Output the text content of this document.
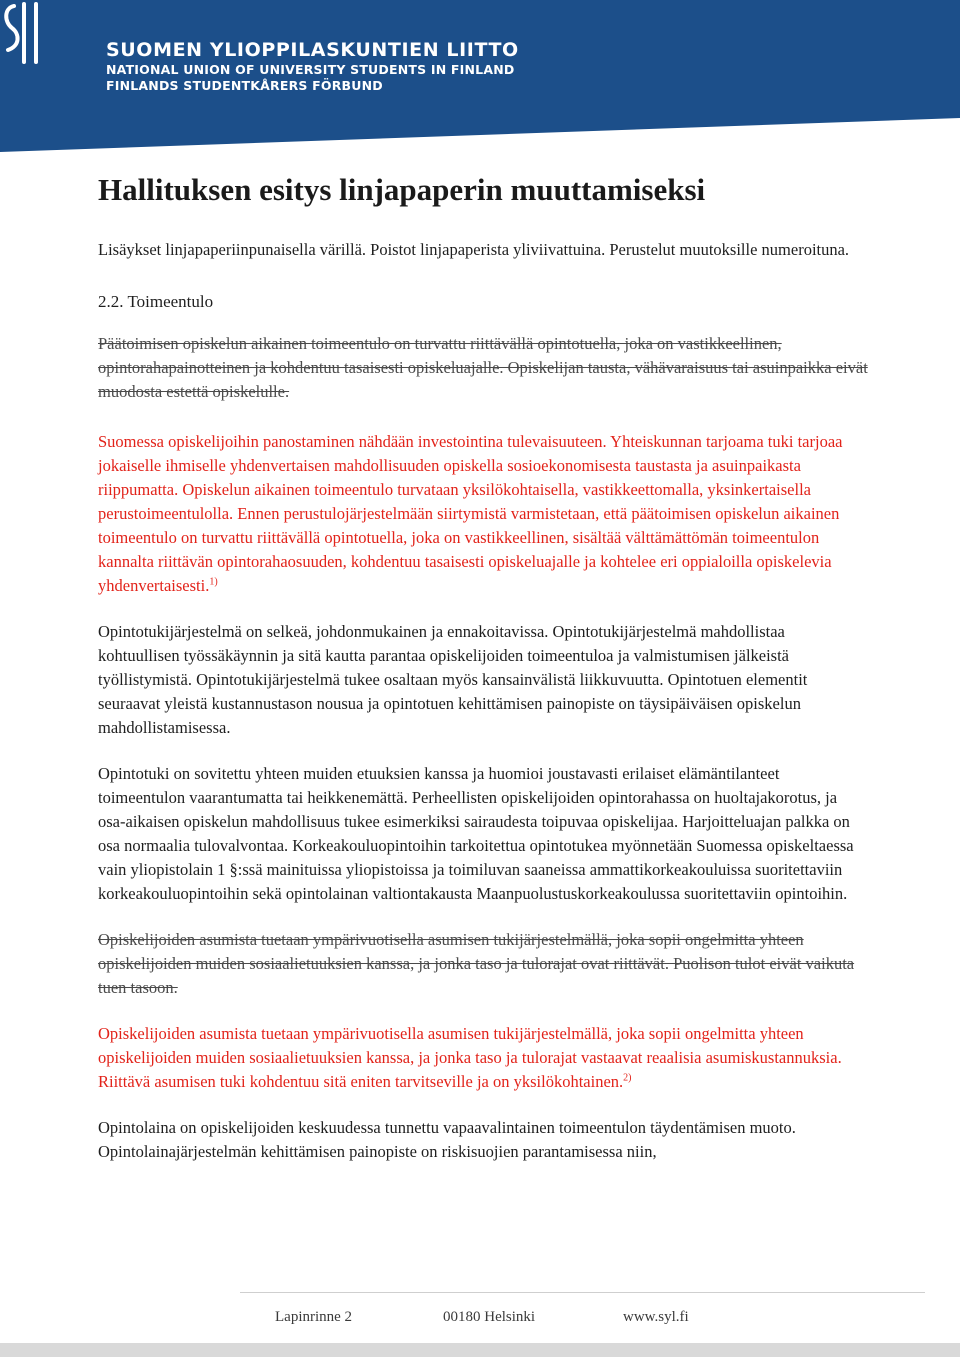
SUOMEN YLIOPPILASKUNTIEN LIITTO
NATIONAL UNION OF UNIVERSITY STUDENTS IN FINLAND
FINLANDS STUDENTKÅRERS FÖRBUND
Hallituksen esitys linjapaperin muuttamiseksi

Lisäykset linjapaperiinpunaisella värillä. Poistot linjapaperista yliviivattuina. Perustelut muutoksille numeroituna.

2.2. Toimeentulo

Päätoimisen opiskelun aikainen toimeentulo on turvattu riittävällä opintotuella, joka on vastikkeellinen, opintorahapainotteinen ja kohdentuu tasaisesti opiskeluajalle. Opiskelijan tausta, vähävaraisuus tai asuinpaikka eivät muodosta estettä opiskelulle.

Suomessa opiskelijoihin panostaminen nähdään investointina tulevaisuuteen. Yhteiskunnan tarjoama tuki tarjoaa jokaiselle ihmiselle yhdenvertaisen mahdollisuuden opiskella sosioekonomisesta taustasta ja asuinpaikasta riippumatta. Opiskelun aikainen toimeentulo turvataan yksilökohtaisella, vastikkeettomalla, yksinkertaisella perustoimeentulolla. Ennen perustulojärjestelmään siirtymistä varmistetaan, että päätoimisen opiskelun aikainen toimeentulo on turvattu riittävällä opintotuella, joka on vastikkeellinen, sisältää välttämättömän toimeentulon kannalta riittävän opintorahaosuuden, kohdentuu tasaisesti opiskeluajalle ja kohtelee eri oppialoilla opiskelevia yhdenvertaisesti.$^{1)}$

Opintotukijärjestelmä on selkeä, johdonmukainen ja ennakoitavissa. Opintotukijärjestelmä mahdollistaa kohtuullisen työssäkäynnin ja sitä kautta parantaa opiskelijoiden toimeentuloa ja valmistumisen jälkeistä työllistymistä. Opintotukijärjestelmä tukee osaltaan myös kansainvälistä liikkuvuutta. Opintotuen elementit seuraavat yleistä kustannustason nousua ja opintotuen kehittämisen painopiste on täysipäiväisen opiskelun mahdollistamisessa.

Opintotuki on sovitettu yhteen muiden etuuksien kanssa ja huomioi joustavasti erilaiset elämäntilanteet toimeentulon vaarantumatta tai heikkenemättä. Perheellisten opiskelijoiden opintorahassa on huoltajakorotus, ja osa-aikaisen opiskelun mahdollisuus tukee esimerkiksi sairaudesta toipuvaa opiskelijaa. Harjoitteluajan palkka on osa normaalia tulovalvontaa. Korkeakouluopintoihin tarkoitettua opintotukea myönnetään Suomessa opiskeltaessa vain yliopistolain 1 §:ssä mainituissa yliopistoissa ja toimiluvan saaneissa ammattikorkeakouluissa suoritettaviin korkeakouluopintoihin sekä opintolainan valtiontakausta Maanpuolustuskorkeakoulussa suoritettaviin opintoihin.

Opiskelijoiden asumista tuetaan ympärivuotisella asumisen tukijärjestelmällä, joka sopii ongelmitta yhteen opiskelijoiden muiden sosiaalietuuksien kanssa, ja jonka taso ja tulorajat ovat riittävät. Puolison tulot eivät vaikuta tuen tasoon.

Opiskelijoiden asumista tuetaan ympärivuotisella asumisen tukijärjestelmällä, joka sopii ongelmitta yhteen opiskelijoiden muiden sosiaalietuuksien kanssa, ja jonka taso ja tulorajat vastaavat reaalisia asumiskustannuksia. Riittävä asumisen tuki kohdentuu sitä eniten tarvitseville ja on yksilökohtainen.$^{2)}$

Opintolaina on opiskelijoiden keskuudessa tunnettu vapaavalintainen toimeentulon täydentämisen muoto. Opintolainajärjestelmän kehittämisen painopiste on riskisuojien parantamisessa niin,

Lapinrinne 2	00180 Helsinki	www.syl.fi
